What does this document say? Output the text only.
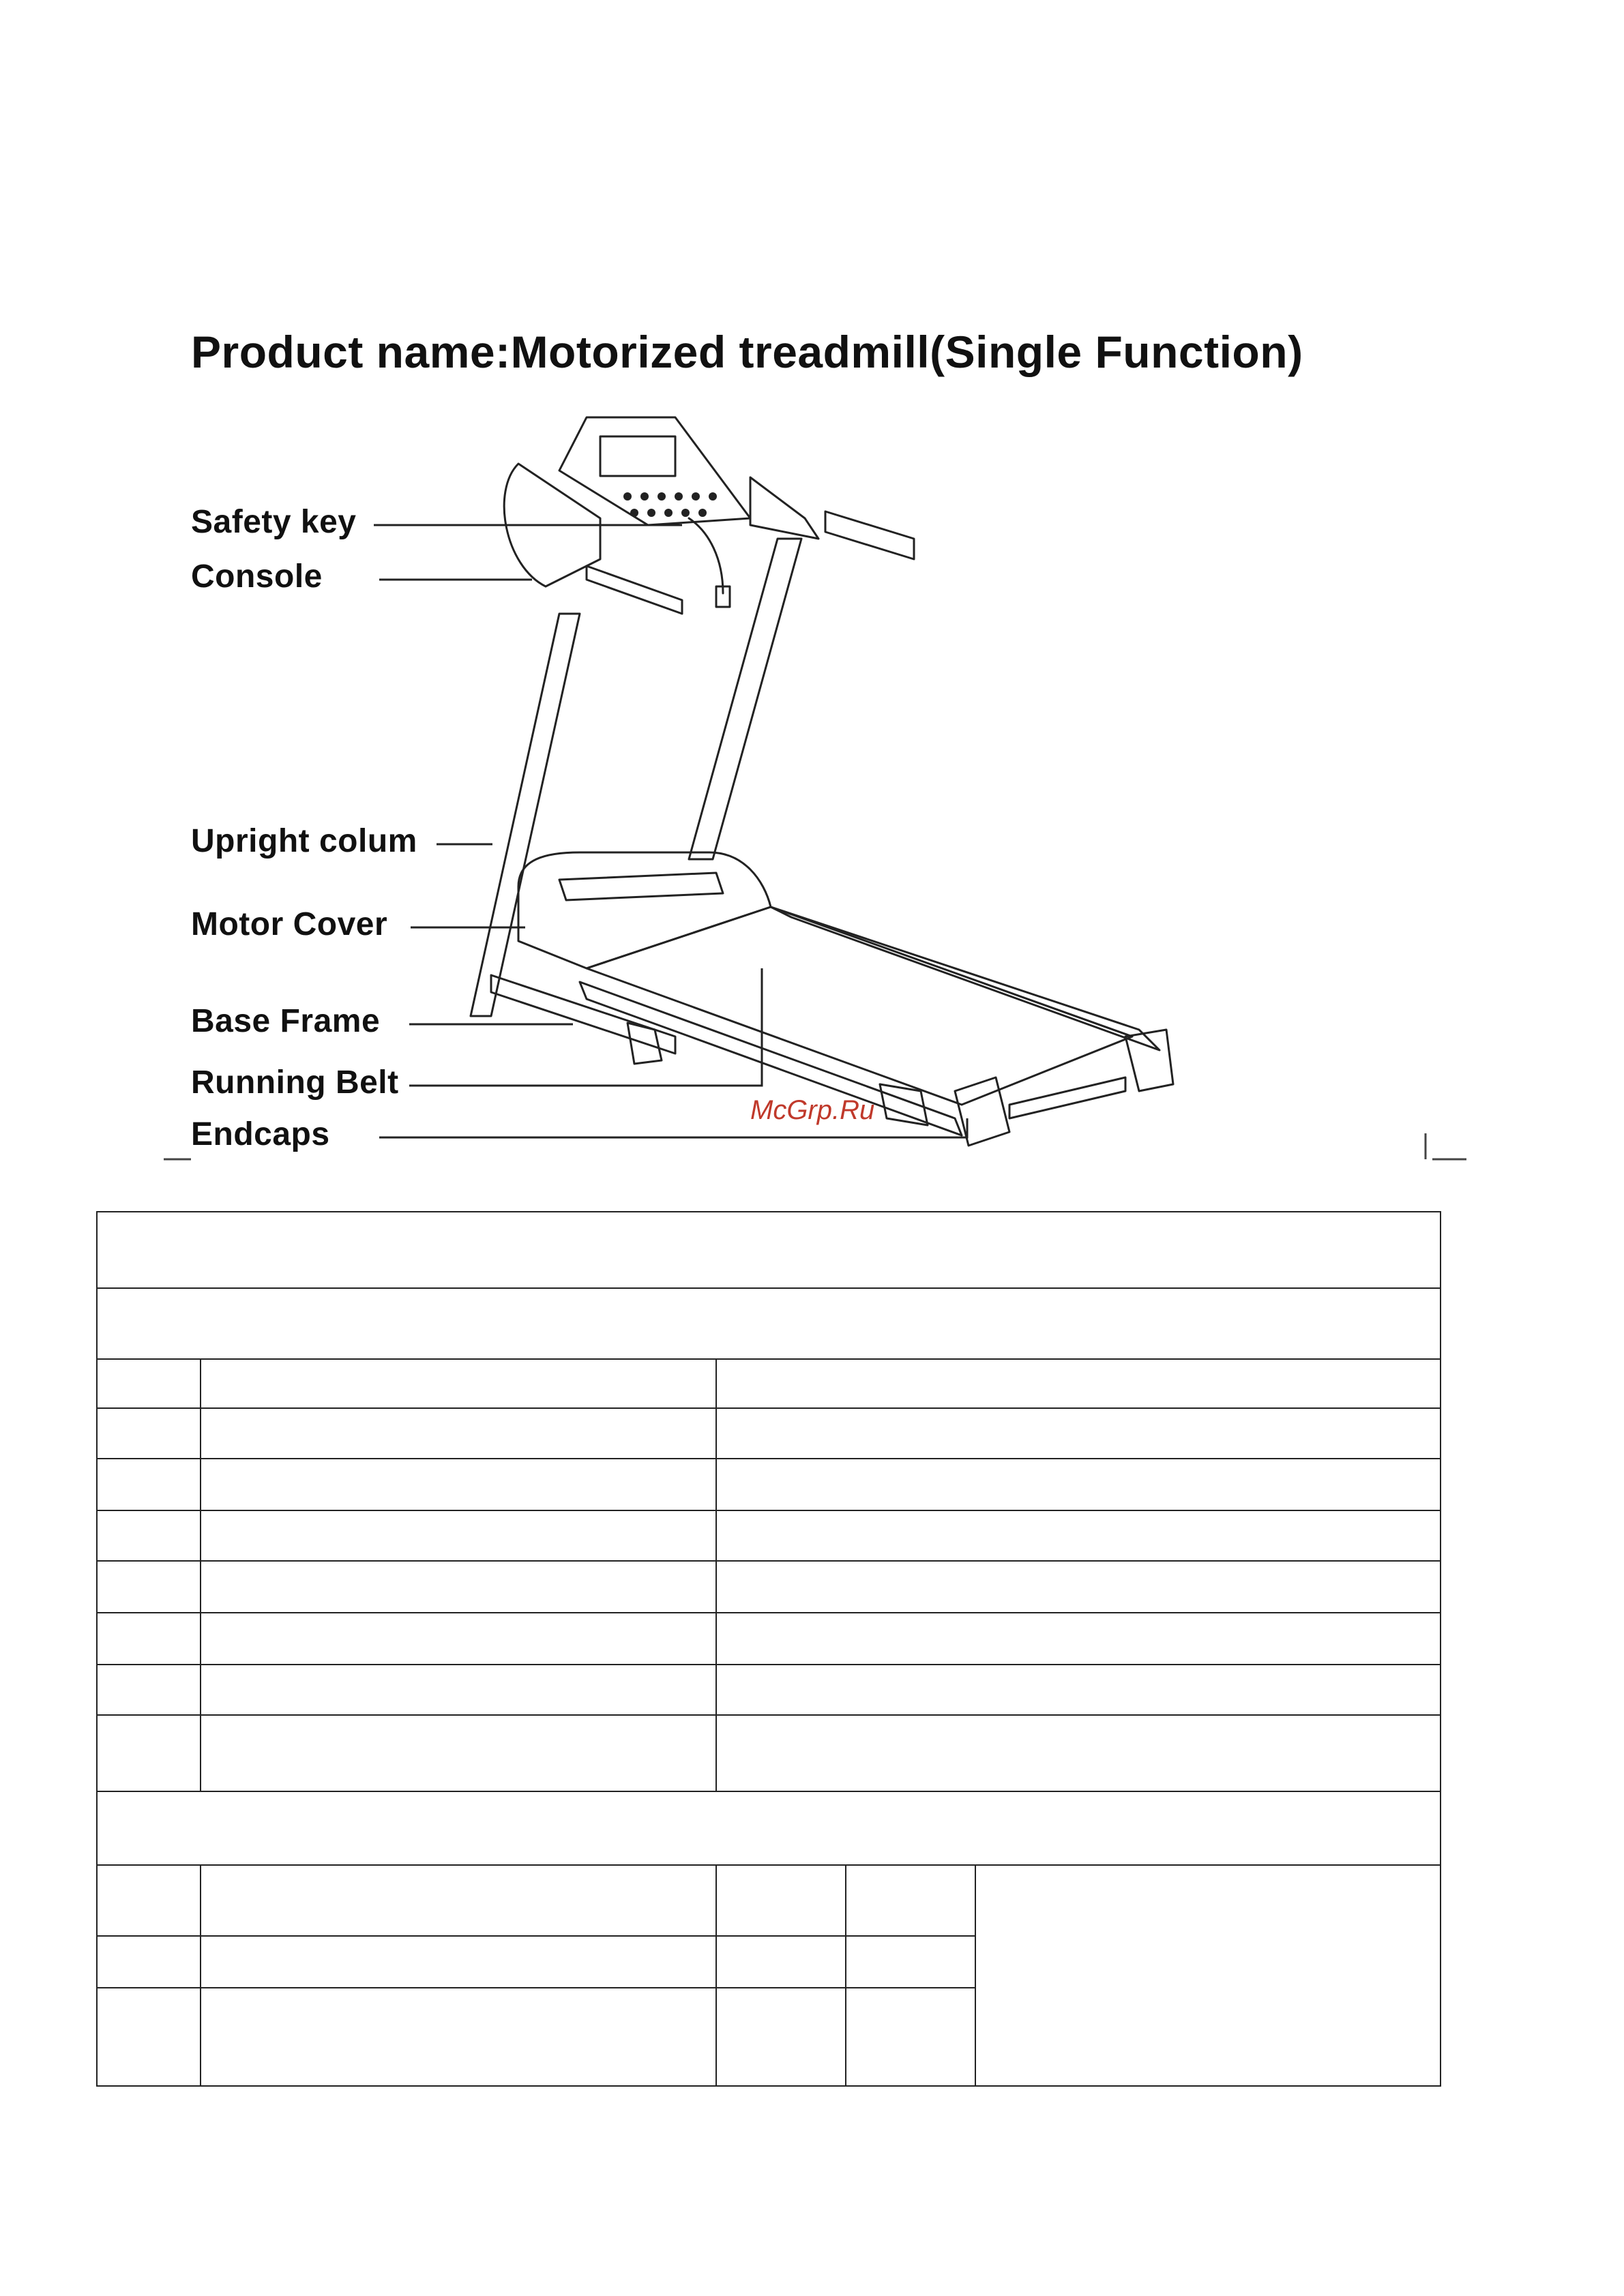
Product name:Motorized treadmill(Single Function)
Safety key
Console
Upright colum
Motor Cover
Base Frame
Running Belt
Endcaps
McGrp.Ru
